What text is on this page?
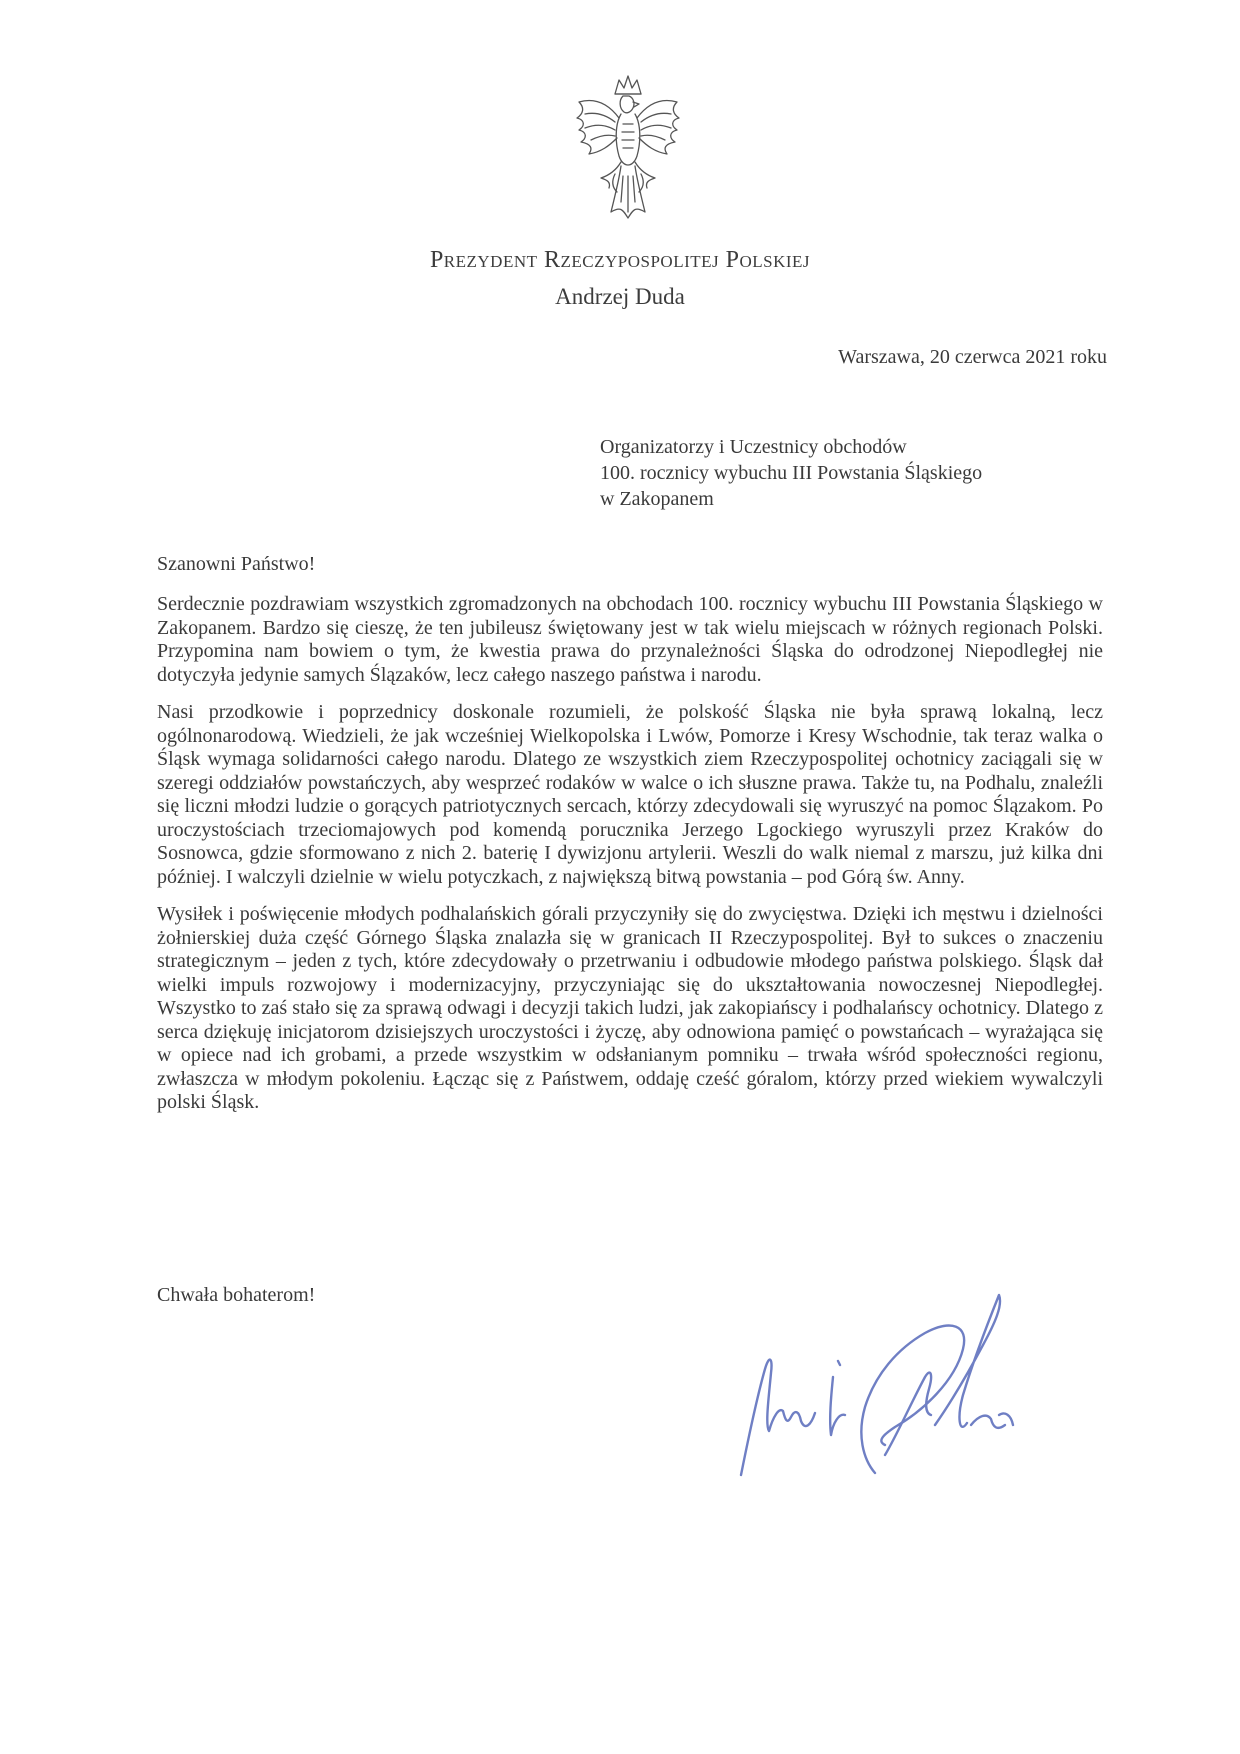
Prezydent Rzeczypospolitej Polskiej
Andrzej Duda
Warszawa, 20 czerwca 2021 roku
Organizatorzy i Uczestnicy obchodów
100. rocznicy wybuchu III Powstania Śląskiego
w Zakopanem
Szanowni Państwo!

Serdecznie pozdrawiam wszystkich zgromadzonych na obchodach 100. rocznicy wybuchu III Powstania Śląskiego w Zakopanem. Bardzo się cieszę, że ten jubileusz świętowany jest w tak wielu miejscach w różnych regionach Polski. Przypomina nam bowiem o tym, że kwestia prawa do przynależności Śląska do odrodzonej Niepodległej nie dotyczyła jedynie samych Ślązaków, lecz całego naszego państwa i narodu.

Nasi przodkowie i poprzednicy doskonale rozumieli, że polskość Śląska nie była sprawą lokalną, lecz ogólnonarodową. Wiedzieli, że jak wcześniej Wielkopolska i Lwów, Pomorze i Kresy Wschodnie, tak teraz walka o Śląsk wymaga solidarności całego narodu. Dlatego ze wszystkich ziem Rzeczypospolitej ochotnicy zaciągali się w szeregi oddziałów powstańczych, aby wesprzeć rodaków w walce o ich słuszne prawa. Także tu, na Podhalu, znaleźli się liczni młodzi ludzie o gorących patriotycznych sercach, którzy zdecydowali się wyruszyć na pomoc Ślązakom. Po uroczystościach trzeciomajowych pod komendą porucznika Jerzego Lgockiego wyruszyli przez Kraków do Sosnowca, gdzie sformowano z nich 2. baterię I dywizjonu artylerii. Weszli do walk niemal z marszu, już kilka dni później. I walczyli dzielnie w wielu potyczkach, z największą bitwą powstania – pod Górą św. Anny.

Wysiłek i poświęcenie młodych podhalańskich górali przyczyniły się do zwycięstwa. Dzięki ich męstwu i dzielności żołnierskiej duża część Górnego Śląska znalazła się w granicach II Rzeczypospolitej. Był to sukces o znaczeniu strategicznym – jeden z tych, które zdecydowały o przetrwaniu i odbudowie młodego państwa polskiego. Śląsk dał wielki impuls rozwojowy i modernizacyjny, przyczyniając się do ukształtowania nowoczesnej Niepodległej. Wszystko to zaś stało się za sprawą odwagi i decyzji takich ludzi, jak zakopiańscy i podhalańscy ochotnicy. Dlatego z serca dziękuję inicjatorom dzisiejszych uroczystości i życzę, aby odnowiona pamięć o powstańcach – wyrażająca się w opiece nad ich grobami, a przede wszystkim w odsłanianym pomniku – trwała wśród społeczności regionu, zwłaszcza w młodym pokoleniu. Łącząc się z Państwem, oddaję cześć góralom, którzy przed wiekiem wywalczyli polski Śląsk.

Chwała bohaterom!
